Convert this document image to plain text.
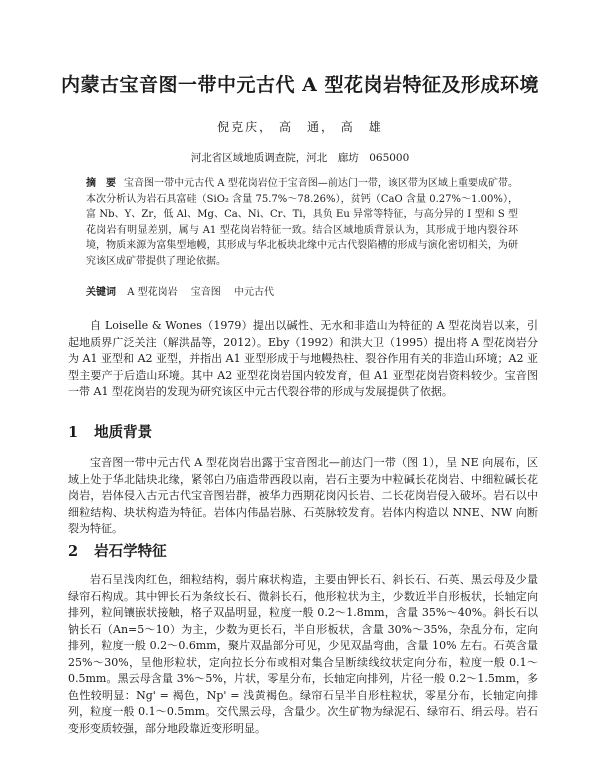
内蒙古宝音图一带中元古代 A 型花岗岩特征及形成环境
倪克庆， 高　通， 高　雄
河北省区域地质调查院，河北　廊坊　065000
摘　要 宝音图一带中元古代 A 型花岗岩位于宝音图—前达门一带，该区带为区域上重要成矿带。本次分析认为岩石具富硅（SiO₂ 含量 75.7%～78.26%），贫钙（CaO 含量 0.27%～1.00%），富 Nb、Y、Zr，低 Al、Mg、Ca、Ni、Cr、Ti，具负 Eu 异常等特征，与高分异的 I 型和 S 型花岗岩有明显差别，属与 A1 型花岗岩特征一致。结合区域地质背景认为，其形成于地内裂谷环境，物质来源为富集型地幔，其形成与华北板块北缘中元古代裂陷槽的形成与演化密切相关，为研究该区成矿带提供了理论依据。
关键词 A 型花岗岩 宝音图 中元古代

自 Loiselle & Wones（1979）提出以碱性、无水和非造山为特征的 A 型花岗岩以来，引起地质界广泛关注（解洪晶等，2012）。Eby（1992）和洪大卫（1995）提出将 A 型花岗岩分为 A1 亚型和 A2 亚型，并指出 A1 亚型形成于与地幔热柱、裂谷作用有关的非造山环境；A2 亚型主要产于后造山环境。其中 A2 亚型花岗岩国内较发育，但 A1 亚型花岗岩资料较少。宝音图一带 A1 型花岗岩的发现为研究该区中元古代裂谷带的形成与发展提供了依据。

1 地质背景

宝音图一带中元古代 A 型花岗岩出露于宝音图北—前达门一带（图 1），呈 NE 向展布，区域上处于华北陆块北缘，紧邻白乃庙造带西段以南，岩石主要为中粒碱长花岗岩、中细粒碱长花岗岩，岩体侵入古元古代宝音图岩群，被华力西期花岗闪长岩、二长花岗岩侵入破坏。岩石以中细粒结构、块状构造为特征。岩体内伟晶岩脉、石英脉较发育。岩体内构造以 NNE、NW 向断裂为特征。

2 岩石学特征

岩石呈浅肉红色，细粒结构，弱片麻状构造，主要由钾长石、斜长石、石英、黑云母及少量绿帘石构成。其中钾长石为条纹长石、微斜长石，他形粒状为主，少数近半自形板状，长轴定向排列，粒间镶嵌状接触，格子双晶明显，粒度一般 0.2～1.8mm，含量 35%～40%。斜长石以钠长石（An=5～10）为主，少数为更长石，半自形板状，含量 30%～35%，杂乱分布，定向排列，粒度一般 0.2～0.6mm，聚片双晶部分可见，少见双晶弯曲，含量 10% 左右。石英含量 25%～30%，呈他形粒状，定向拉长分布或相对集合呈断续线纹状定向分布，粒度一般 0.1～0.5mm。黑云母含量 3%～5%，片状，零星分布，长轴定向排列，片径一般 0.2～1.5mm，多色性较明显：Ng' = 褐色，Np' = 浅黄褐色。绿帘石呈半自形柱粒状，零星分布，长轴定向排列，粒度一般 0.1～0.5mm。交代黑云母，含量少。次生矿物为绿泥石、绿帘石、绢云母。岩石变形变质较强，部分地段靠近变形明显。
